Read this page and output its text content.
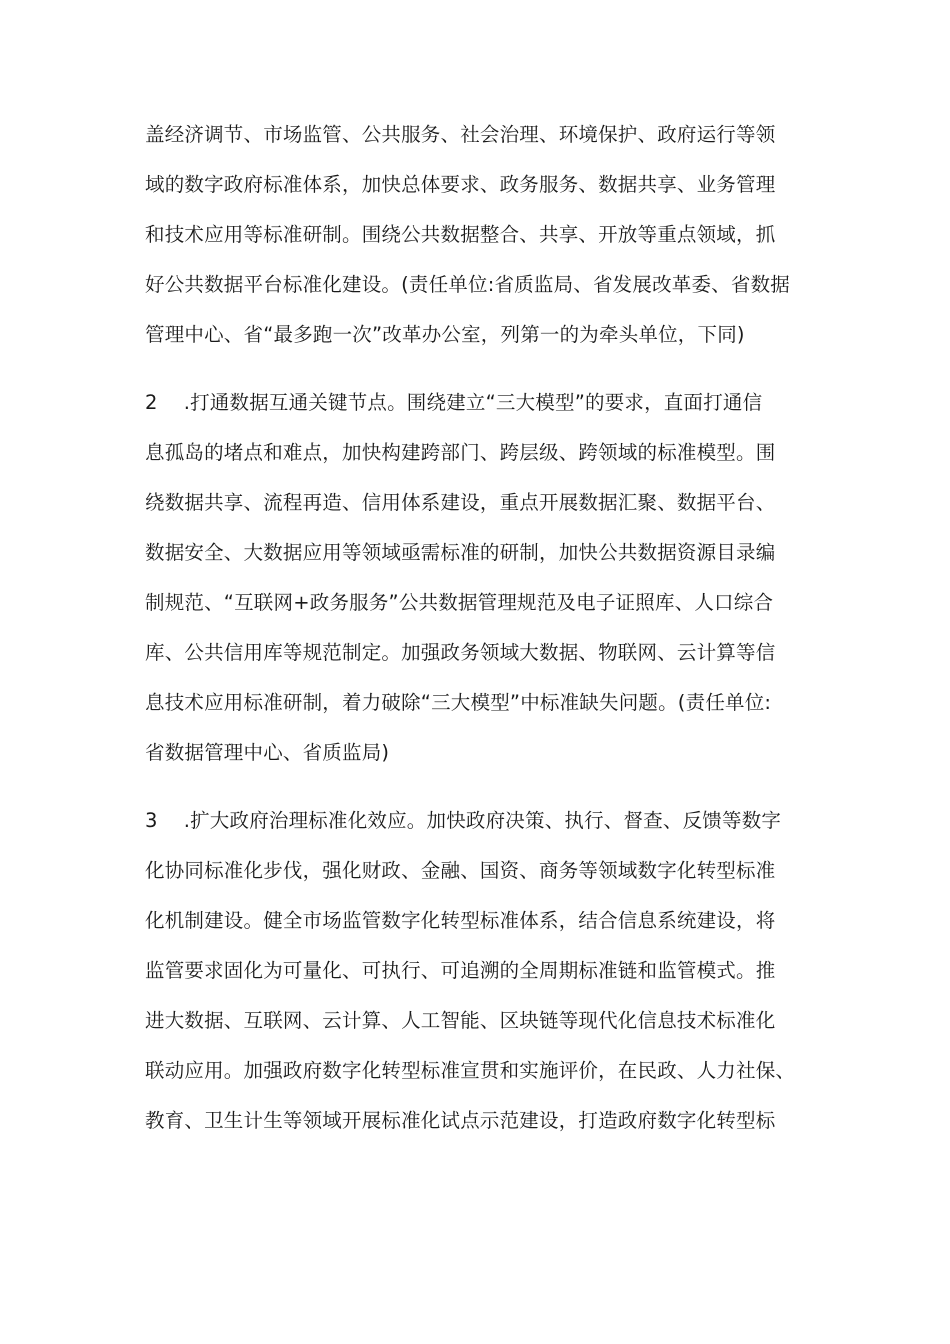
盖经济调节、市场监管、公共服务、社会治理、环境保护、政府运行等领
域的数字政府标准体系，加快总体要求、政务服务、数据共享、业务管理
和技术应用等标准研制。围绕公共数据整合、共享、开放等重点领域，抓
好公共数据平台标准化建设。(责任单位:省质监局、省发展改革委、省数据
管理中心、省“最多跑一次”改革办公室，列第一的为牵头单位，下同)
2　 .打通数据互通关键节点。围绕建立“三大模型”的要求，直面打通信
息孤岛的堵点和难点，加快构建跨部门、跨层级、跨领域的标准模型。围
绕数据共享、流程再造、信用体系建设，重点开展数据汇聚、数据平台、
数据安全、大数据应用等领域亟需标准的研制，加快公共数据资源目录编
制规范、“互联网+政务服务”公共数据管理规范及电子证照库、人口综合
库、公共信用库等规范制定。加强政务领域大数据、物联网、云计算等信
息技术应用标准研制，着力破除“三大模型”中标准缺失问题。(责任单位:
省数据管理中心、省质监局)
3　 .扩大政府治理标准化效应。加快政府决策、执行、督查、反馈等数字
化协同标准化步伐，强化财政、金融、国资、商务等领域数字化转型标准
化机制建设。健全市场监管数字化转型标准体系，结合信息系统建设，将
监管要求固化为可量化、可执行、可追溯的全周期标准链和监管模式。推
进大数据、互联网、云计算、人工智能、区块链等现代化信息技术标准化
联动应用。加强政府数字化转型标准宣贯和实施评价，在民政、人力社保、
教育、卫生计生等领域开展标准化试点示范建设，打造政府数字化转型标
